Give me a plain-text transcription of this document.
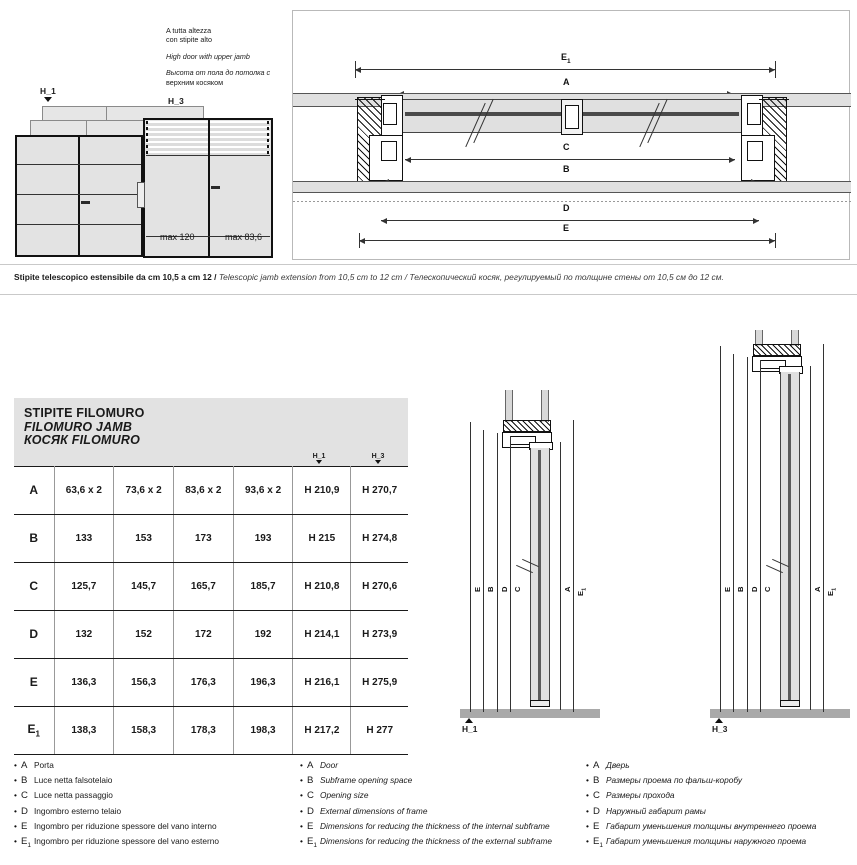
A tutta altezza
con stipite alto
High door with upper jamb
Высота от пола до потолка с
верхним косяком
H_1
H_3
max 120	max 83,6
$E_1$
A
C
B
D
E
Stipite telescopico estensibile da cm 10,5 a cm 12 / Telescopic jamb extension from 10,5 cm to 12 cm / Телескопический косяк, регулируемый по толщине стены от 10,5 см до 12 см.
E B D C	A
$E_1$
H_1
E B D C	A
$E_1$
H_3
STIPITE FILOMURO
FILOMURO JAMB
КОСЯК FILOMURO
H_1 H_3						

A	63,6 x 2	73,6 x 2	83,6 x 2	93,6 x 2	H 210,9	H 270,7
B	133	153	173	193	H 215	H 274,8
C	125,7	145,7	165,7	185,7	H 210,8	H 270,6
D	132	152	172	192	H 214,1	H 273,9
E	136,3	156,3	176,3	196,3	H 216,1	H 275,9
$E_1$	138,3	158,3	178,3	198,3	H 217,2	H 277
• A Porta
• B Luce netta falsotelaio
• C Luce netta passaggio
• D Ingombro esterno telaio
• E Ingombro per riduzione spessore del vano interno
• $E_1$ Ingombro per riduzione spessore del vano esterno
• A Door
• B Subframe opening space
• C Opening size
• D External dimensions of frame
• E Dimensions for reducing the thickness of the internal subframe
• $E_1$ Dimensions for reducing the thickness of the external subframe
• A Дверь
• B Размеры проема по фальш-коробу
• C Размеры прохода
• D Наружный габарит рамы
• E Габарит уменьшения толщины внутреннего проема
• $E_1$ Габарит уменьшения толщины наружного проема
